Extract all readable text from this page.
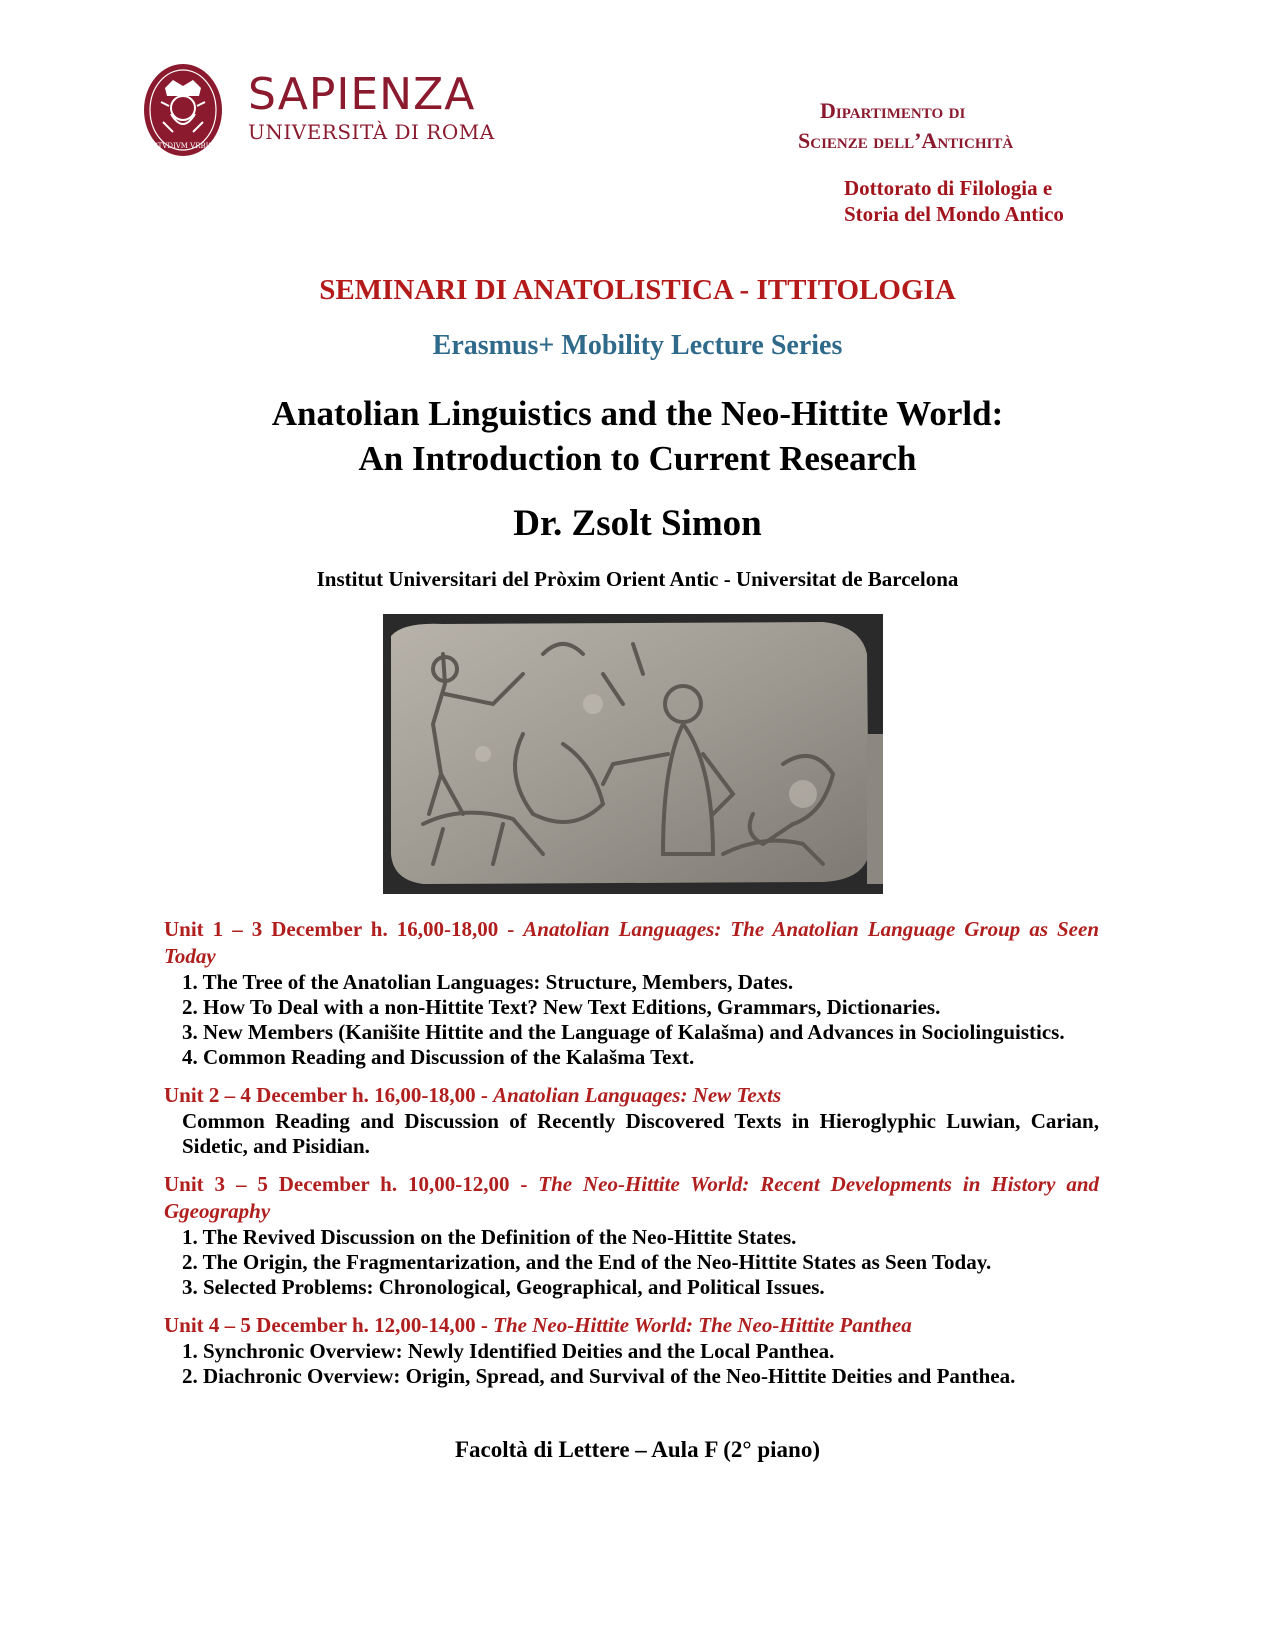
STVDIVM VRBIS
SAPIENZA
UNIVERSITÀ DI ROMA
Dipartimento di
Scienze dell’Antichità
Dottorato di Filologia e
Storia del Mondo Antico
SEMINARI DI ANATOLISTICA - ITTITOLOGIA
Erasmus+ Mobility Lecture Series
Anatolian Linguistics and the Neo-Hittite World:
An Introduction to Current Research
Dr. Zsolt Simon
Institut Universitari del Pròxim Orient Antic - Universitat de Barcelona
Unit 1 – 3 December h. 16,00-18,00 - Anatolian Languages: The Anatolian Language Group as Seen Today
1. The Tree of the Anatolian Languages: Structure, Members, Dates.
2. How To Deal with a non-Hittite Text? New Text Editions, Grammars, Dictionaries.
3. New Members (Kanišite Hittite and the Language of Kalašma) and Advances in Sociolinguistics.
4. Common Reading and Discussion of the Kalašma Text.
Unit 2 – 4 December h. 16,00-18,00 - Anatolian Languages: New Texts
Common Reading and Discussion of Recently Discovered Texts in Hieroglyphic Luwian, Carian, Sidetic, and Pisidian.
Unit 3 – 5 December h. 10,00-12,00 - The Neo-Hittite World: Recent Developments in History and Ggeography
1. The Revived Discussion on the Definition of the Neo-Hittite States.
2. The Origin, the Fragmentarization, and the End of the Neo-Hittite States as Seen Today.
3. Selected Problems: Chronological, Geographical, and Political Issues.
Unit 4 – 5 December h. 12,00-14,00 - The Neo-Hittite World: The Neo-Hittite Panthea
1. Synchronic Overview: Newly Identified Deities and the Local Panthea.
2. Diachronic Overview: Origin, Spread, and Survival of the Neo-Hittite Deities and Panthea.
Facoltà di Lettere – Aula F (2° piano)
